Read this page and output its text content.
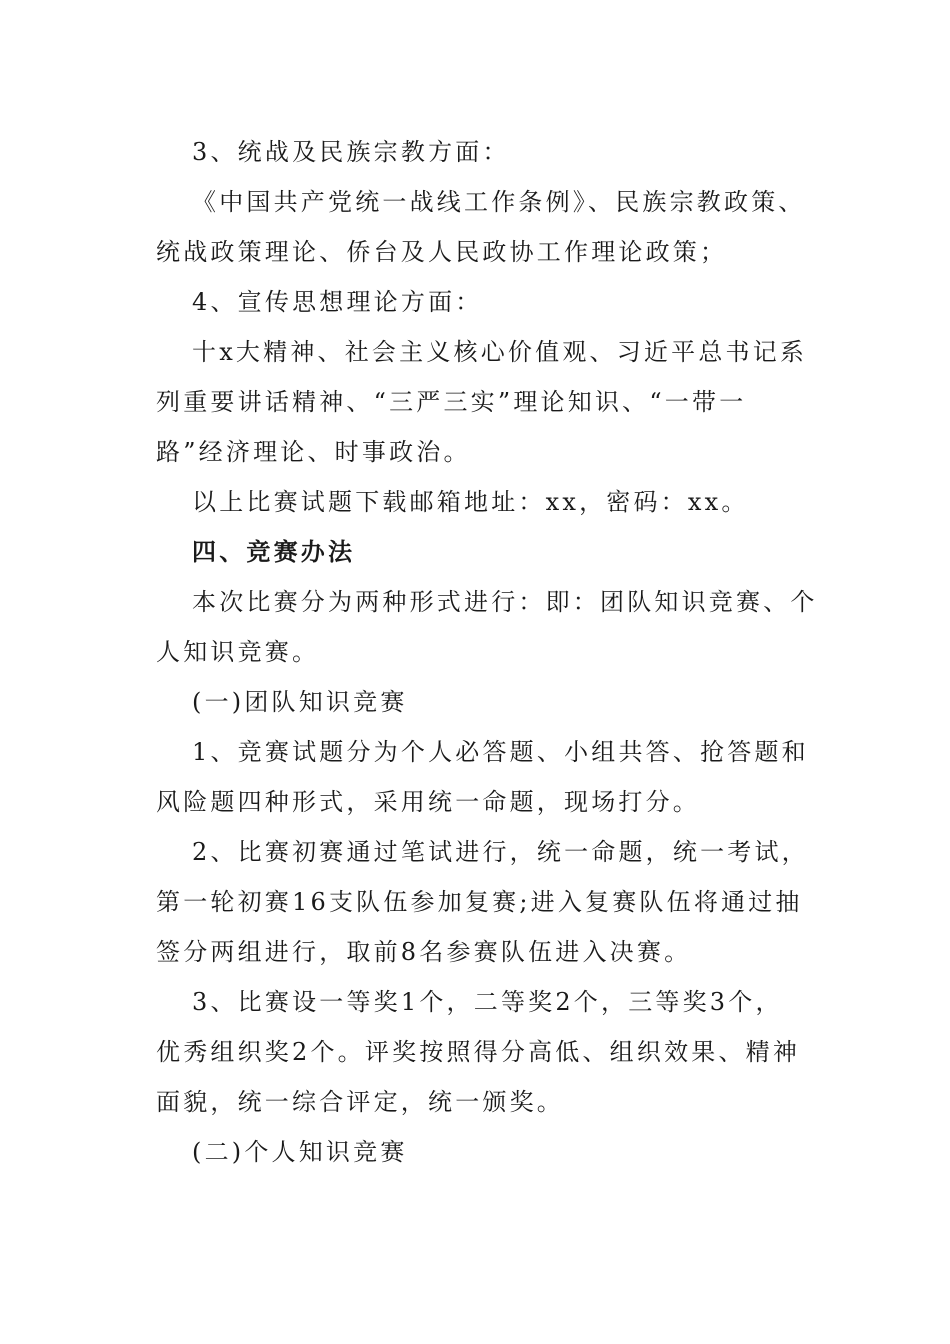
3、统战及民族宗教方面：
《中国共产党统一战线工作条例》、民族宗教政策、
统战政策理论、侨台及人民政协工作理论政策；
4、宣传思想理论方面：
十x大精神、社会主义核心价值观、习近平总书记系
列重要讲话精神、“三严三实”理论知识、“一带一
路”经济理论、时事政治。
以上比赛试题下载邮箱地址：xx，密码：xx。
四、竞赛办法
本次比赛分为两种形式进行：即：团队知识竞赛、个
人知识竞赛。
(一)团队知识竞赛
1、竞赛试题分为个人必答题、小组共答、抢答题和
风险题四种形式，采用统一命题，现场打分。
2、比赛初赛通过笔试进行，统一命题，统一考试，
第一轮初赛16支队伍参加复赛;进入复赛队伍将通过抽
签分两组进行，取前8名参赛队伍进入决赛。
3、比赛设一等奖1个，二等奖2个，三等奖3个，
优秀组织奖2个。评奖按照得分高低、组织效果、精神
面貌，统一综合评定，统一颁奖。
(二)个人知识竞赛
